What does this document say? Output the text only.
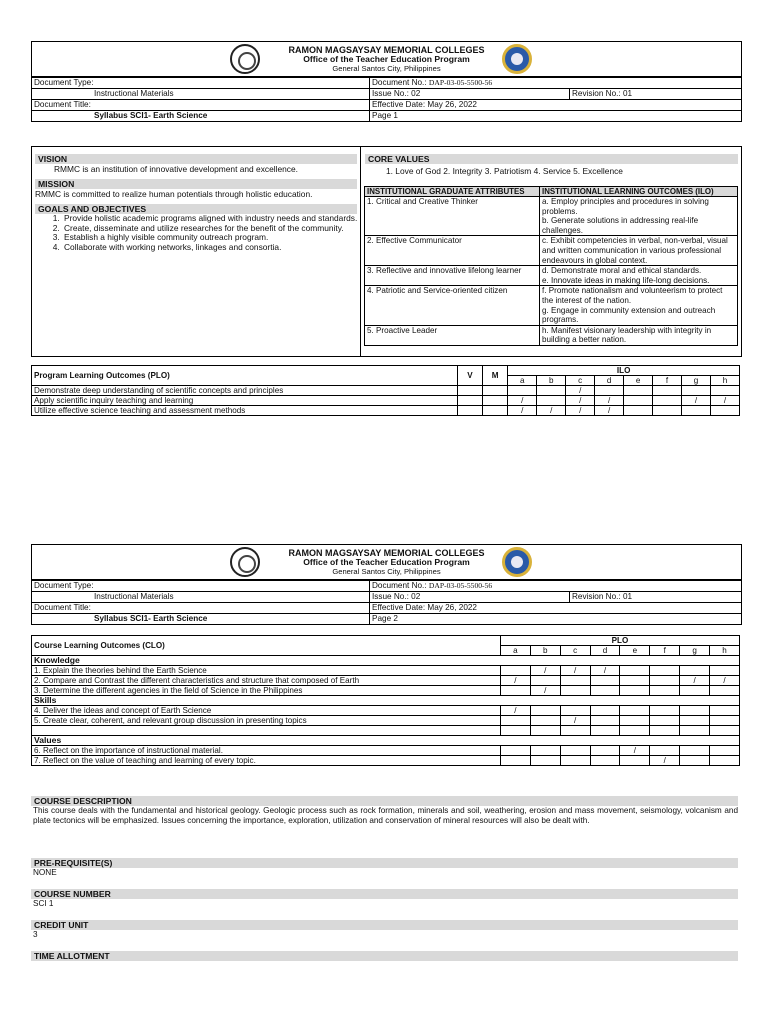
RAMON MAGSAYSAY MEMORIAL COLLEGES
Office of the Teacher Education Program
General Santos City, Philippines
Document Type:	Document No.: DAP-03-05-5500-56	
Instructional Materials	Issue No.: 02	Revision No.: 01
Document Title:	Effective Date: May 26, 2022	
Syllabus SCI1- Earth Science	Page 1	
VISION

RMMC is an institution of innovative development and excellence.

MISSION

RMMC is committed to realize human potentials through holistic education.

GOALS AND OBJECTIVES
1. Provide holistic academic programs aligned with industry needs and standards.
2. Create, disseminate and utilize researches for the benefit of the community.
3. Establish a highly visible community outreach program.
4. Collaborate with working networks, linkages and consortia.
CORE VALUES
1. Love of God 2. Integrity 3. Patriotism 4. Service 5. Excellence
INSTITUTIONAL GRADUATE ATTRIBUTES	INSTITUTIONAL LEARNING OUTCOMES (ILO)
1. Critical and Creative Thinker	a. Employ principles and procedures in solving problems.
b. Generate solutions in addressing real-life challenges.
2. Effective Communicator	c. Exhibit competencies in verbal, non-verbal, visual and written communication in various professional endeavours in global context.
3. Reflective and innovative lifelong learner	d. Demonstrate moral and ethical standards.
e. Innovate ideas in making life-long decisions.
4. Patriotic and Service-oriented citizen	f. Promote nationalism and volunteerism to protect the interest of the nation.
g. Engage in community extension and outreach programs.
5. Proactive Leader	h. Manifest visionary leadership with integrity in building a better nation.
Program Learning Outcomes (PLO)	V	M	ILO							
			a	b	c	d	e	f	g	h
Demonstrate deep understanding of scientific concepts and principles					/					
Apply scientific inquiry teaching and learning			/		/	/			/	/
Utilize effective science teaching and assessment methods			/	/	/	/				
RAMON MAGSAYSAY MEMORIAL COLLEGES
Office of the Teacher Education Program
General Santos City, Philippines
Document Type:	Document No.: DAP-03-05-5500-56	
Instructional Materials	Issue No.: 02	Revision No.: 01
Document Title:	Effective Date: May 26, 2022	
Syllabus SCI1- Earth Science	Page 2	
Course Learning Outcomes (CLO)	PLO							
	a	b	c	d	e	f	g	h
Knowledge								
1. Explain the theories behind the Earth Science		/	/	/				
2. Compare and Contrast the different characteristics and structure that composed of Earth	/						/	/
3. Determine the different agencies in the field of Science in the Philippines		/						
Skills								
4. Deliver the ideas and concept of Earth Science	/							
5. Create clear, coherent, and relevant group discussion in presenting topics			/					

Values								
6. Reflect on the importance of instructional material.					/			
7. Reflect on the value of teaching and learning of every topic.						/		
COURSE DESCRIPTION
This course deals with the fundamental and historical geology. Geologic process such as rock formation, minerals and soil, weathering, erosion and mass movement, seismology, volcanism and plate tectonics will be emphasized. Issues concerning the importance, exploration, utilization and conservation of mineral resources will also be dealt with.
PRE-REQUISITE(S)
NONE
COURSE NUMBER
SCI 1
CREDIT UNIT
3
TIME ALLOTMENT
